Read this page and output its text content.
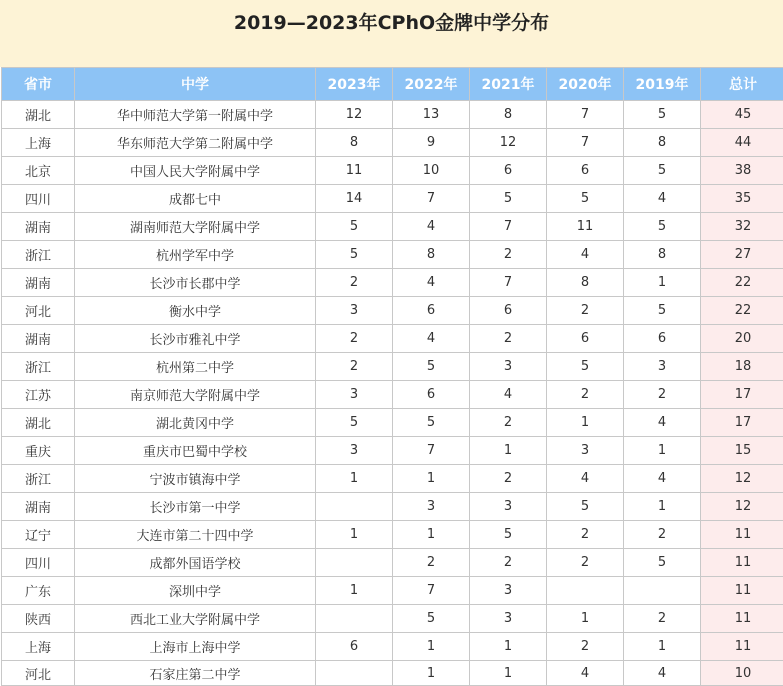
2019—2023年CPhO金牌中学分布
省市	中学	2023年	2022年	2021年	2020年	2019年	总计
湖北	华中师范大学第一附属中学	12	13	8	7	5	45
上海	华东师范大学第二附属中学	8	9	12	7	8	44
北京	中国人民大学附属中学	11	10	6	6	5	38
四川	成都七中	14	7	5	5	4	35
湖南	湖南师范大学附属中学	5	4	7	11	5	32
浙江	杭州学军中学	5	8	2	4	8	27
湖南	长沙市长郡中学	2	4	7	8	1	22
河北	衡水中学	3	6	6	2	5	22
湖南	长沙市雅礼中学	2	4	2	6	6	20
浙江	杭州第二中学	2	5	3	5	3	18
江苏	南京师范大学附属中学	3	6	4	2	2	17
湖北	湖北黄冈中学	5	5	2	1	4	17
重庆	重庆市巴蜀中学校	3	7	1	3	1	15
浙江	宁波市镇海中学	1	1	2	4	4	12
湖南	长沙市第一中学		3	3	5	1	12
辽宁	大连市第二十四中学	1	1	5	2	2	11
四川	成都外国语学校		2	2	2	5	11
广东	深圳中学	1	7	3			11
陕西	西北工业大学附属中学		5	3	1	2	11
上海	上海市上海中学	6	1	1	2	1	11
河北	石家庄第二中学		1	1	4	4	10
